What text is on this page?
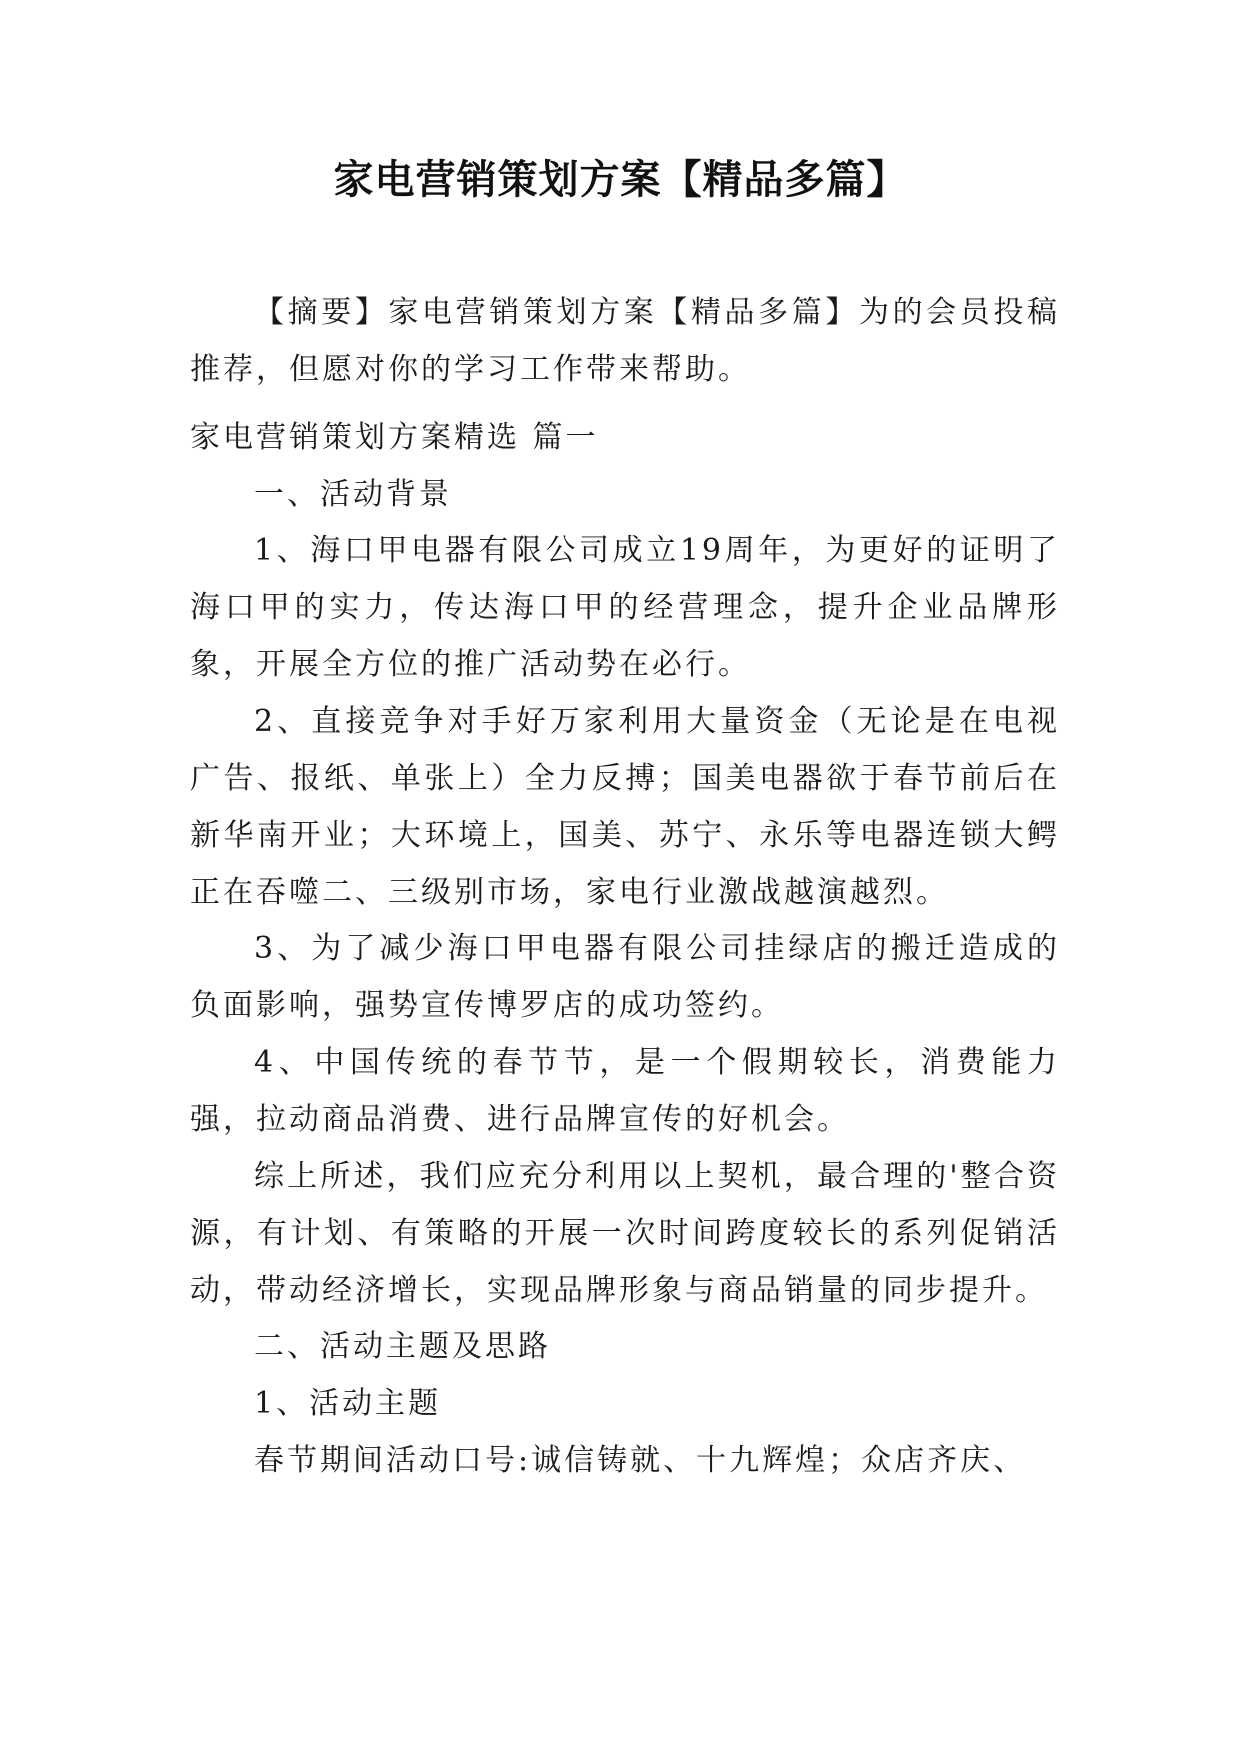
家电营销策划方案【精品多篇】

【摘要】家电营销策划方案【精品多篇】为的会员投稿推荐，但愿对你的学习工作带来帮助。

家电营销策划方案精选 篇一

一、活动背景

1、海口甲电器有限公司成立19周年，为更好的证明了海口甲的实力，传达海口甲的经营理念，提升企业品牌形象，开展全方位的推广活动势在必行。

2、直接竞争对手好万家利用大量资金（无论是在电视广告、报纸、单张上）全力反搏；国美电器欲于春节前后在新华南开业；大环境上，国美、苏宁、永乐等电器连锁大鳄正在吞噬二、三级别市场，家电行业激战越演越烈。

3、为了减少海口甲电器有限公司挂绿店的搬迁造成的负面影响，强势宣传博罗店的成功签约。

4、中国传统的春节节，是一个假期较长，消费能力强，拉动商品消费、进行品牌宣传的好机会。

综上所述，我们应充分利用以上契机，最合理的'整合资源，有计划、有策略的开展一次时间跨度较长的系列促销活动，带动经济增长，实现品牌形象与商品销量的同步提升。

二、活动主题及思路

1、活动主题

春节期间活动口号:诚信铸就、十九辉煌；众店齐庆、
